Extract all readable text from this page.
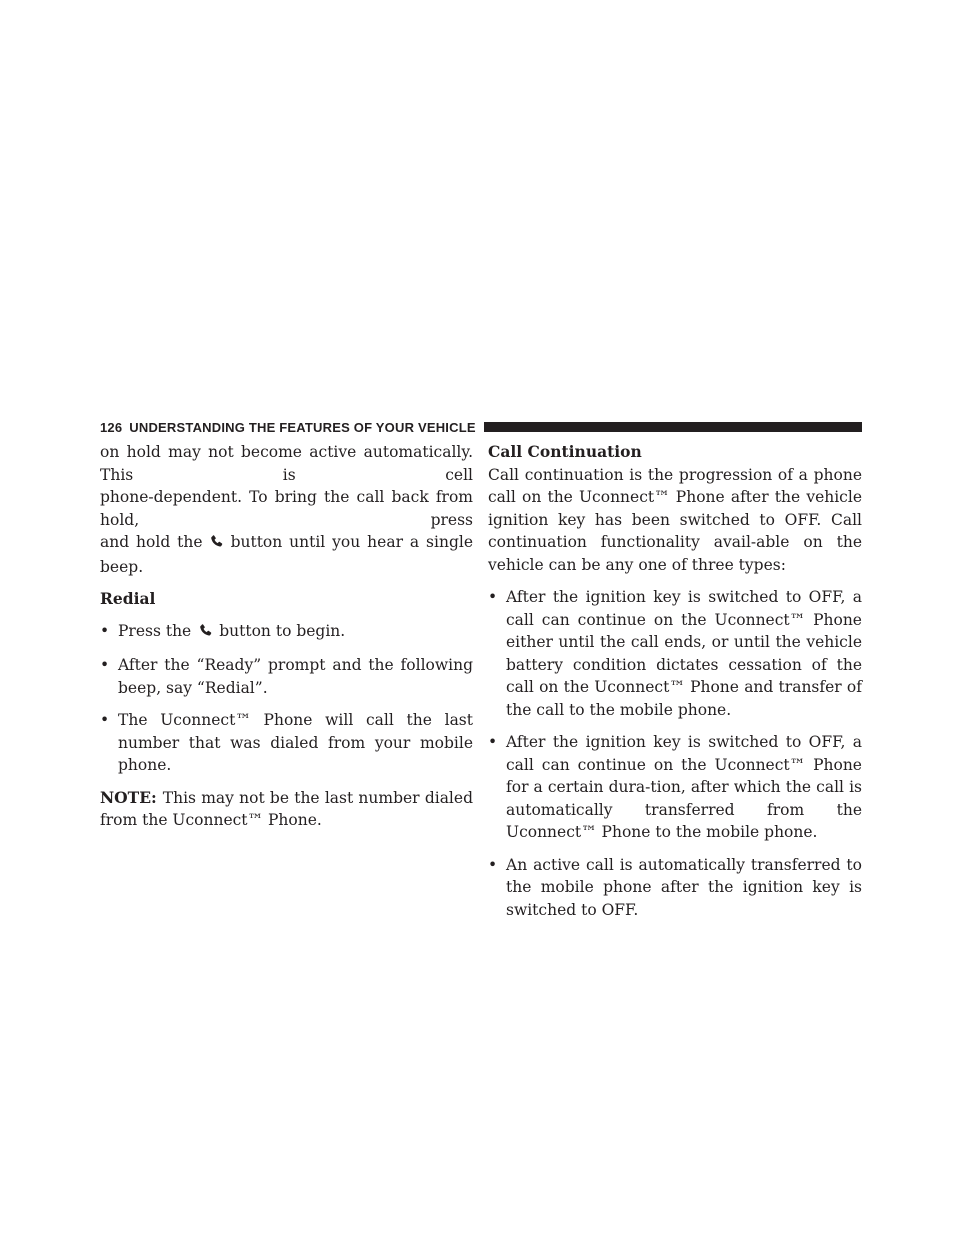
126 UNDERSTANDING THE FEATURES OF YOUR VEHICLE

on hold may not become active automatically. This is cell
phone-dependent. To bring the call back from hold, press
and hold the button until you hear a single beep.

Redial

• Press the button to begin.
• After the “Ready” prompt and the following beep, say “Redial”.
• The Uconnect™ Phone will call the last number that was dialed from your mobile phone.

NOTE: This may not be the last number dialed from the Uconnect™ Phone.

Call Continuation

Call continuation is the progression of a phone call on the Uconnect™ Phone after the vehicle ignition key has been switched to OFF. Call continuation functionality avail-able on the vehicle can be any one of three types:

• After the ignition key is switched to OFF, a call can continue on the Uconnect™ Phone either until the call ends, or until the vehicle battery condition dictates cessation of the call on the Uconnect™ Phone and transfer of the call to the mobile phone.
• After the ignition key is switched to OFF, a call can continue on the Uconnect™ Phone for a certain dura-tion, after which the call is automatically transferred from the Uconnect™ Phone to the mobile phone.
• An active call is automatically transferred to the mobile phone after the ignition key is switched to OFF.
